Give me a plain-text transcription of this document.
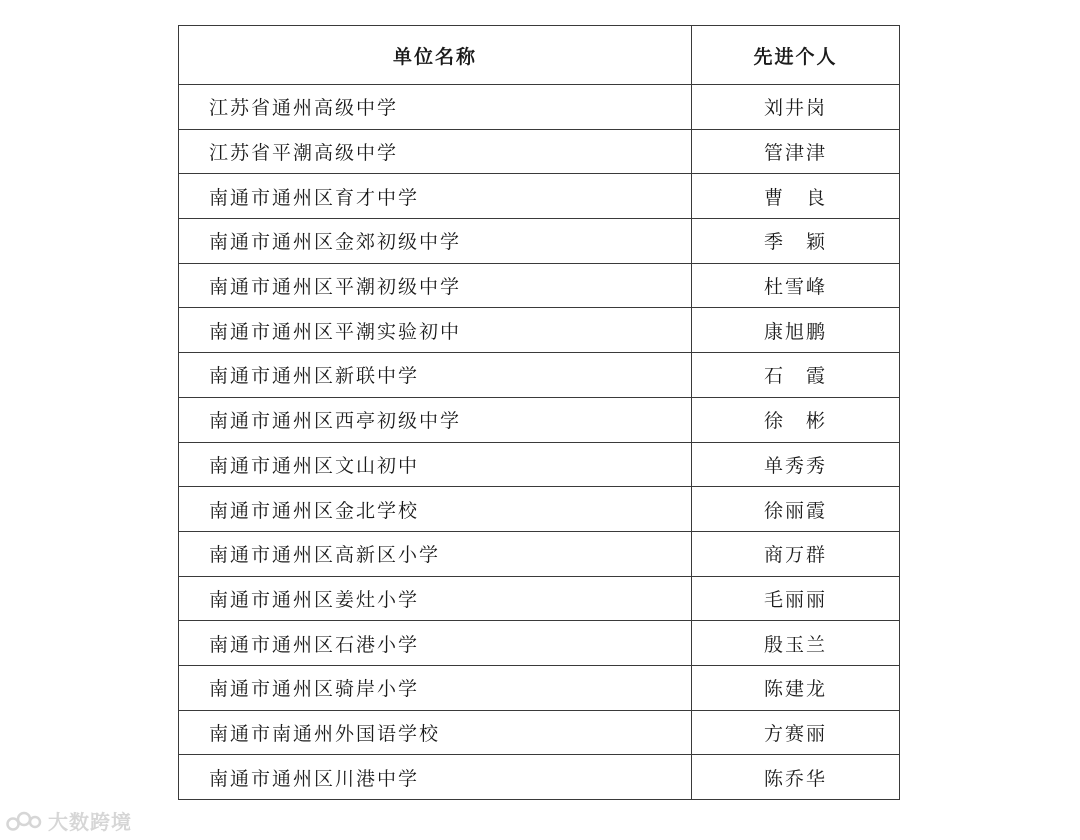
单位名称	先进个人
江苏省通州高级中学	刘井岗
江苏省平潮高级中学	管津津
南通市通州区育才中学	曹　良
南通市通州区金郊初级中学	季　颖
南通市通州区平潮初级中学	杜雪峰
南通市通州区平潮实验初中	康旭鹏
南通市通州区新联中学	石　霞
南通市通州区西亭初级中学	徐　彬
南通市通州区文山初中	单秀秀
南通市通州区金北学校	徐丽霞
南通市通州区高新区小学	商万群
南通市通州区姜灶小学	毛丽丽
南通市通州区石港小学	殷玉兰
南通市通州区骑岸小学	陈建龙
南通市南通州外国语学校	方赛丽
南通市通州区川港中学	陈乔华
大数跨境
